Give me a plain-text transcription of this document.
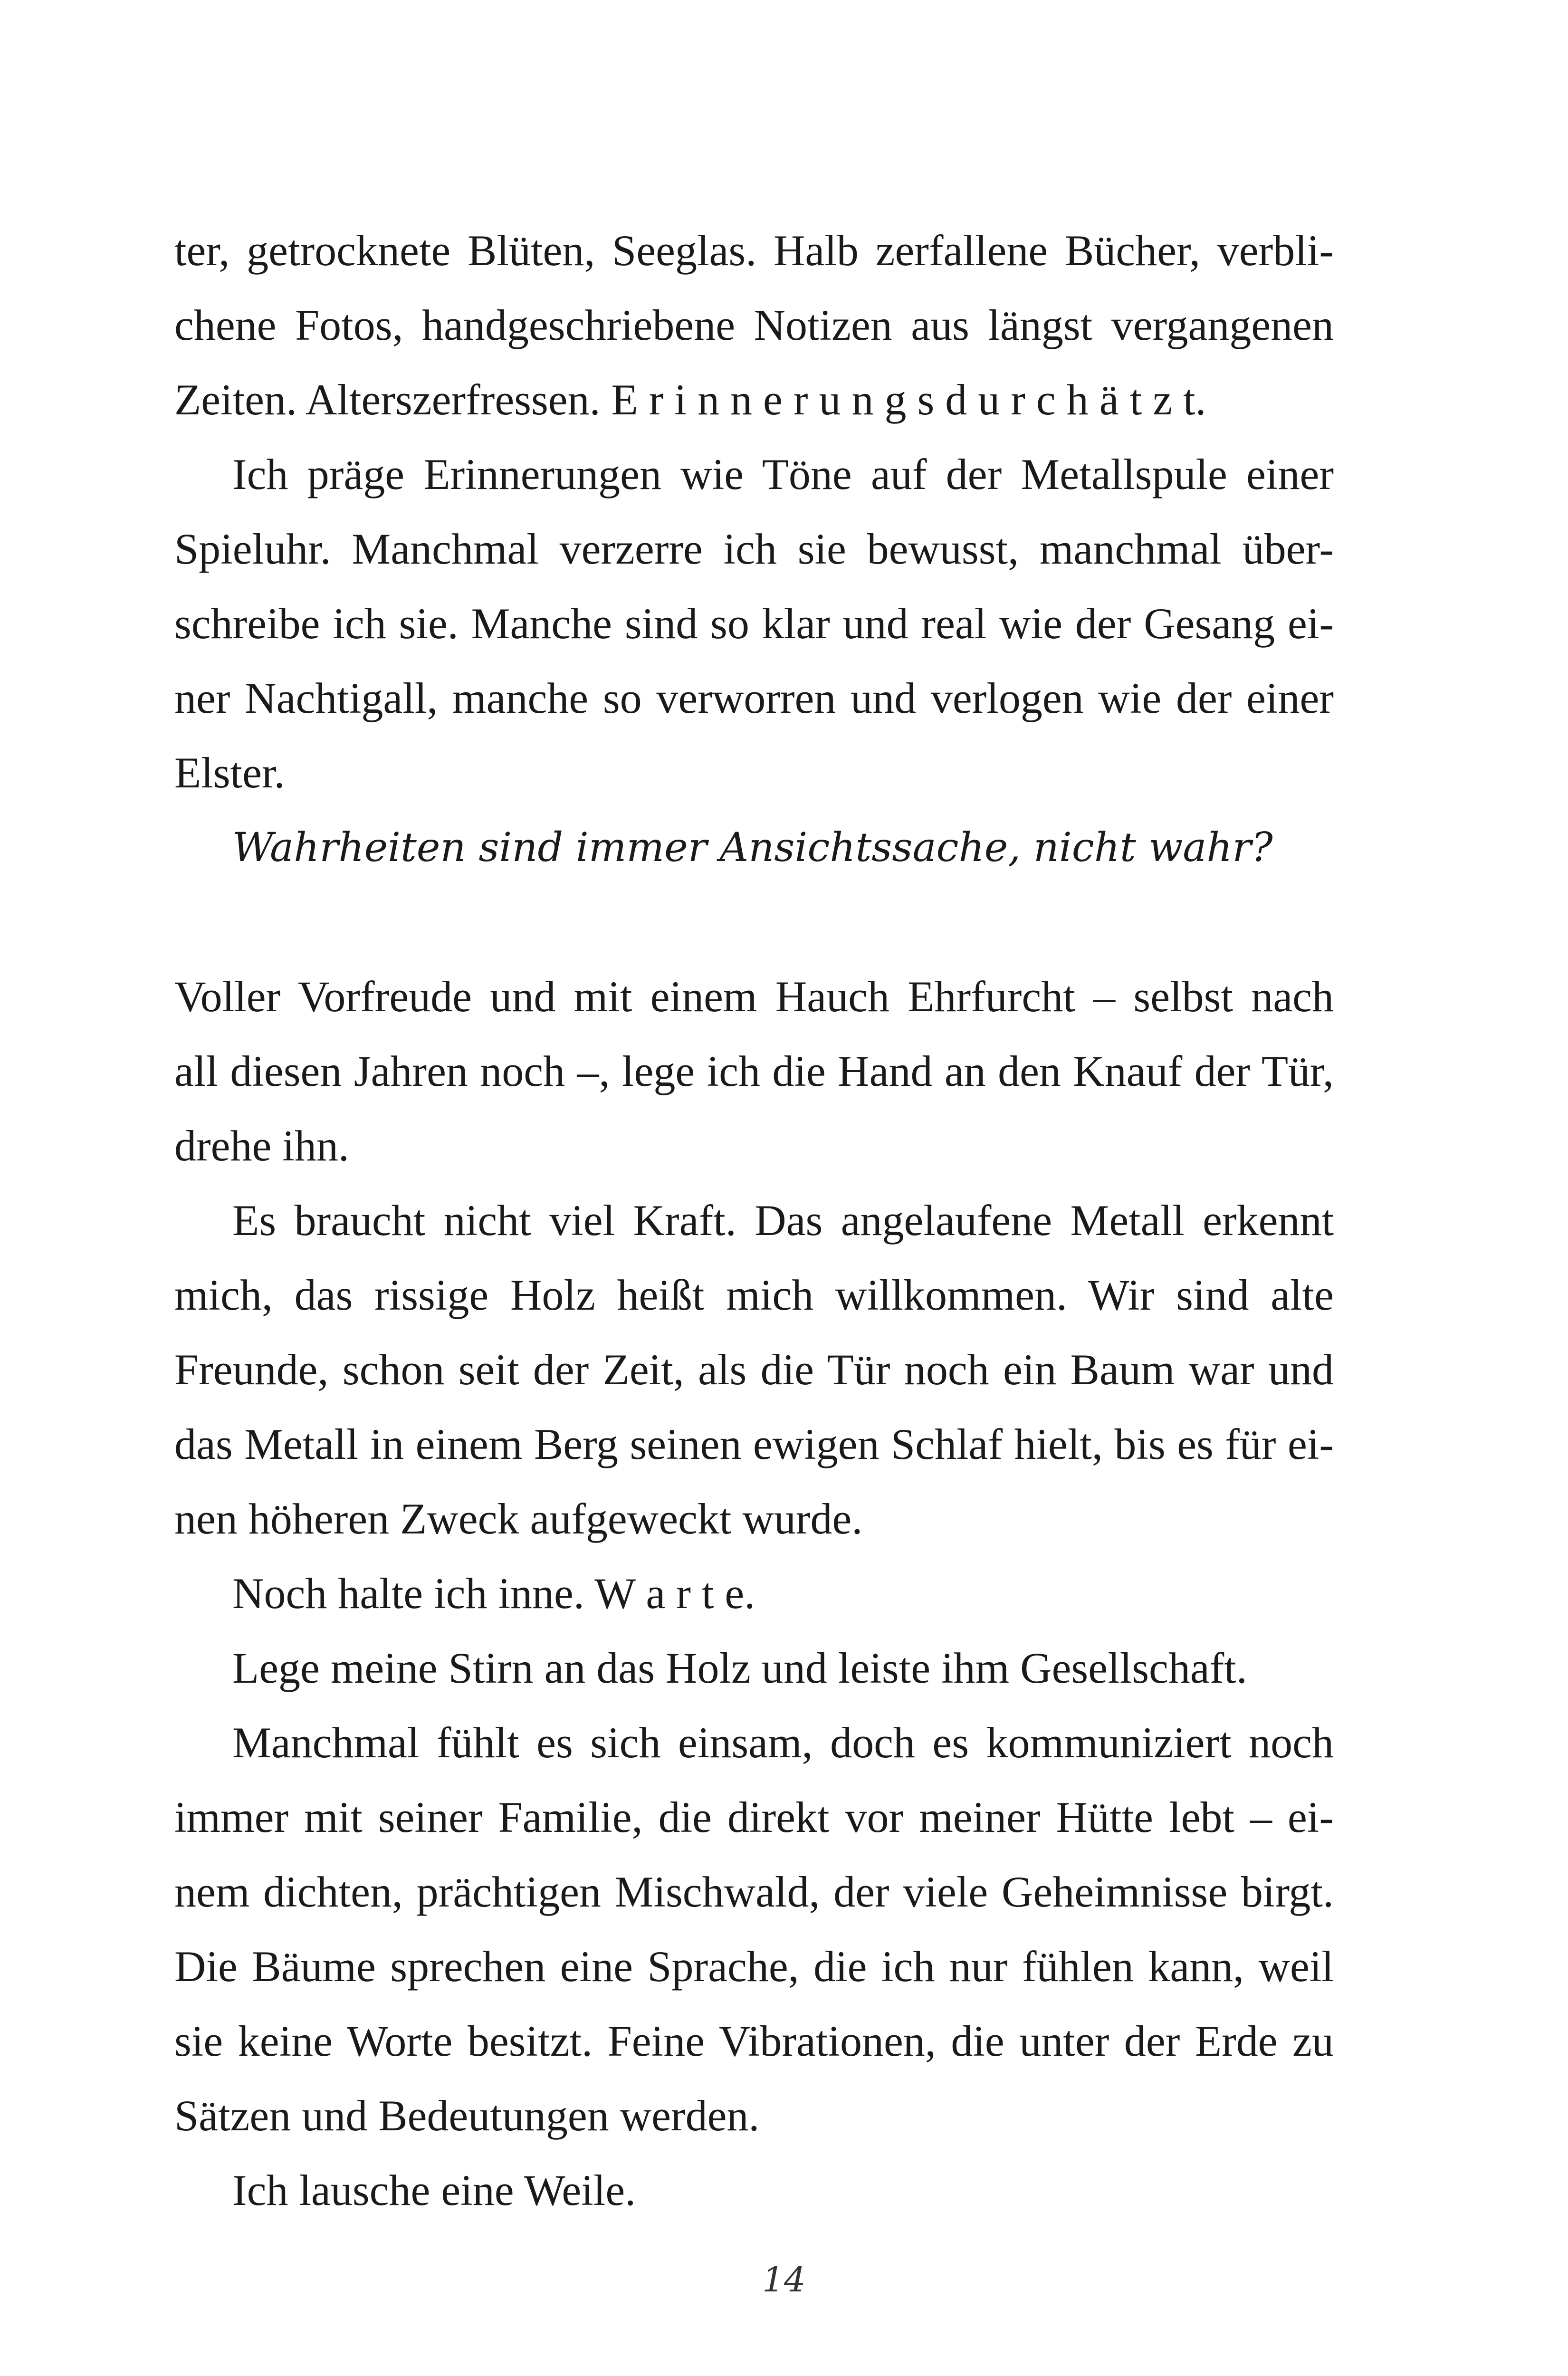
ter, getrocknete Blüten, Seeglas. Halb zerfallene Bücher, verbli-
chene Fotos, handgeschriebene Notizen aus längst vergangenen
Zeiten. Alterszerfressen. E r i n n e r u n g s d u r c h ä t z t.
Ich präge Erinnerungen wie Töne auf der Metallspule einer
Spieluhr. Manchmal verzerre ich sie bewusst, manchmal über-
schreibe ich sie. Manche sind so klar und real wie der Gesang ei-
ner Nachtigall, manche so verworren und verlogen wie der einer
Elster.
Wahrheiten sind immer Ansichtssache, nicht wahr?
Voller Vorfreude und mit einem Hauch Ehrfurcht – selbst nach
all diesen Jahren noch –, lege ich die Hand an den Knauf der Tür,
drehe ihn.
Es braucht nicht viel Kraft. Das angelaufene Metall erkennt
mich, das rissige Holz heißt mich willkommen. Wir sind alte
Freunde, schon seit der Zeit, als die Tür noch ein Baum war und
das Metall in einem Berg seinen ewigen Schlaf hielt, bis es für ei-
nen höheren Zweck aufgeweckt wurde.
Noch halte ich inne. W a r t e.
Lege meine Stirn an das Holz und leiste ihm Gesellschaft.
Manchmal fühlt es sich einsam, doch es kommuniziert noch
immer mit seiner Familie, die direkt vor meiner Hütte lebt – ei-
nem dichten, prächtigen Mischwald, der viele Geheimnisse birgt.
Die Bäume sprechen eine Sprache, die ich nur fühlen kann, weil
sie keine Worte besitzt. Feine Vibrationen, die unter der Erde zu
Sätzen und Bedeutungen werden.
Ich lausche eine Weile.
14
